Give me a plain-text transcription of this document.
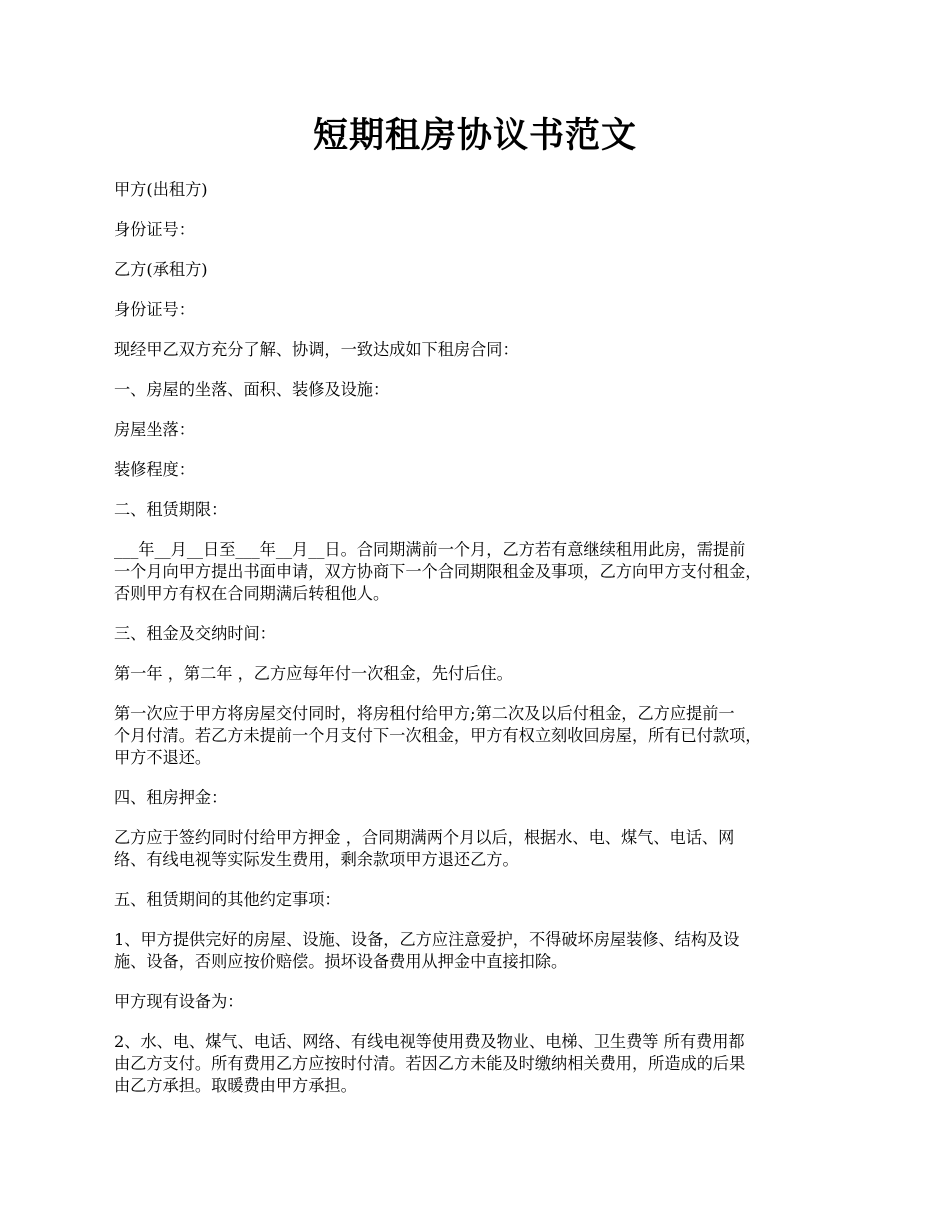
短期租房协议书范文
甲方(出租方)
身份证号：
乙方(承租方)
身份证号：
现经甲乙双方充分了解、协调，一致达成如下租房合同：
一、房屋的坐落、面积、装修及设施：
房屋坐落：
装修程度：
二、租赁期限：
___年__月__日至___年__月__日。合同期满前一个月，乙方若有意继续租用此房，需提前
一个月向甲方提出书面申请，双方协商下一个合同期限租金及事项，乙方向甲方支付租金，
否则甲方有权在合同期满后转租他人。
三、租金及交纳时间：
第一年 ，第二年 ，乙方应每年付一次租金，先付后住。
第一次应于甲方将房屋交付同时，将房租付给甲方;第二次及以后付租金，乙方应提前一
个月付清。若乙方未提前一个月支付下一次租金，甲方有权立刻收回房屋，所有已付款项，
甲方不退还。
四、租房押金：
乙方应于签约同时付给甲方押金 ，合同期满两个月以后，根据水、电、煤气、电话、网
络、有线电视等实际发生费用，剩余款项甲方退还乙方。
五、租赁期间的其他约定事项：
1、甲方提供完好的房屋、设施、设备，乙方应注意爱护，不得破坏房屋装修、结构及设
施、设备，否则应按价赔偿。损坏设备费用从押金中直接扣除。
甲方现有设备为：
2、水、电、煤气、电话、网络、有线电视等使用费及物业、电梯、卫生费等 所有费用都
由乙方支付。所有费用乙方应按时付清。若因乙方未能及时缴纳相关费用，所造成的后果
由乙方承担。取暖费由甲方承担。
